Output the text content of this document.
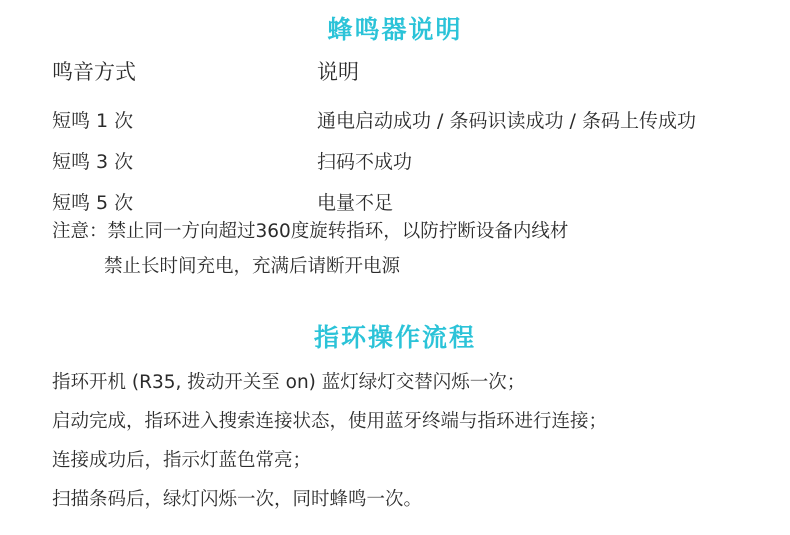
蜂鸣器说明
鸣音方式	说明
短鸣 1 次	通电启动成功 / 条码识读成功 / 条码上传成功
短鸣 3 次	扫码不成功
短鸣 5 次	电量不足
注意：禁止同一方向超过360度旋转指环，以防拧断设备内线材
禁止长时间充电，充满后请断开电源
指环操作流程
指环开机 (R35, 拨动开关至 on) 蓝灯绿灯交替闪烁一次；
启动完成，指环进入搜索连接状态，使用蓝牙终端与指环进行连接；
连接成功后，指示灯蓝色常亮；
扫描条码后，绿灯闪烁一次，同时蜂鸣一次。
